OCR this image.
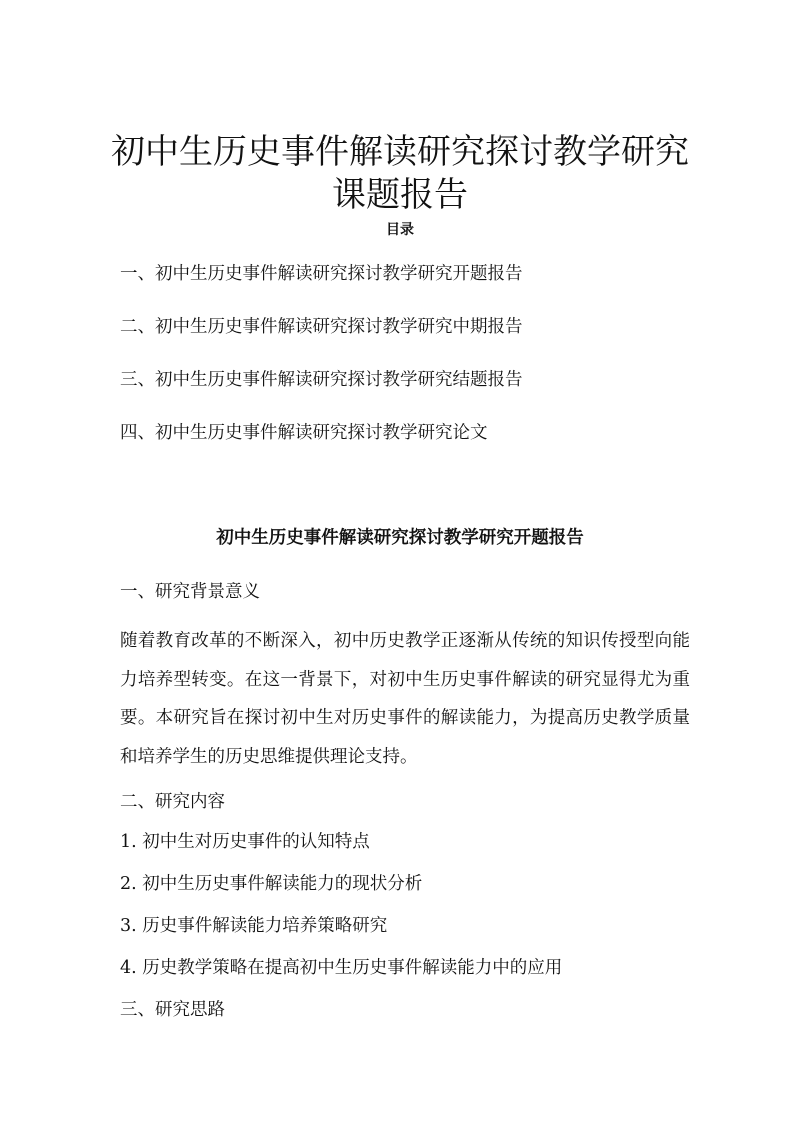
初中生历史事件解读研究探讨教学研究
课题报告
目录
一、初中生历史事件解读研究探讨教学研究开题报告
二、初中生历史事件解读研究探讨教学研究中期报告
三、初中生历史事件解读研究探讨教学研究结题报告
四、初中生历史事件解读研究探讨教学研究论文
初中生历史事件解读研究探讨教学研究开题报告
一、研究背景意义

随着教育改革的不断深入，初中历史教学正逐渐从传统的知识传授型向能力培养型转变。在这一背景下，对初中生历史事件解读的研究显得尤为重要。本研究旨在探讨初中生对历史事件的解读能力，为提高历史教学质量和培养学生的历史思维提供理论支持。

二、研究内容
1. 初中生对历史事件的认知特点
2. 初中生历史事件解读能力的现状分析
3. 历史事件解读能力培养策略研究
4. 历史教学策略在提高初中生历史事件解读能力中的应用
三、研究思路
